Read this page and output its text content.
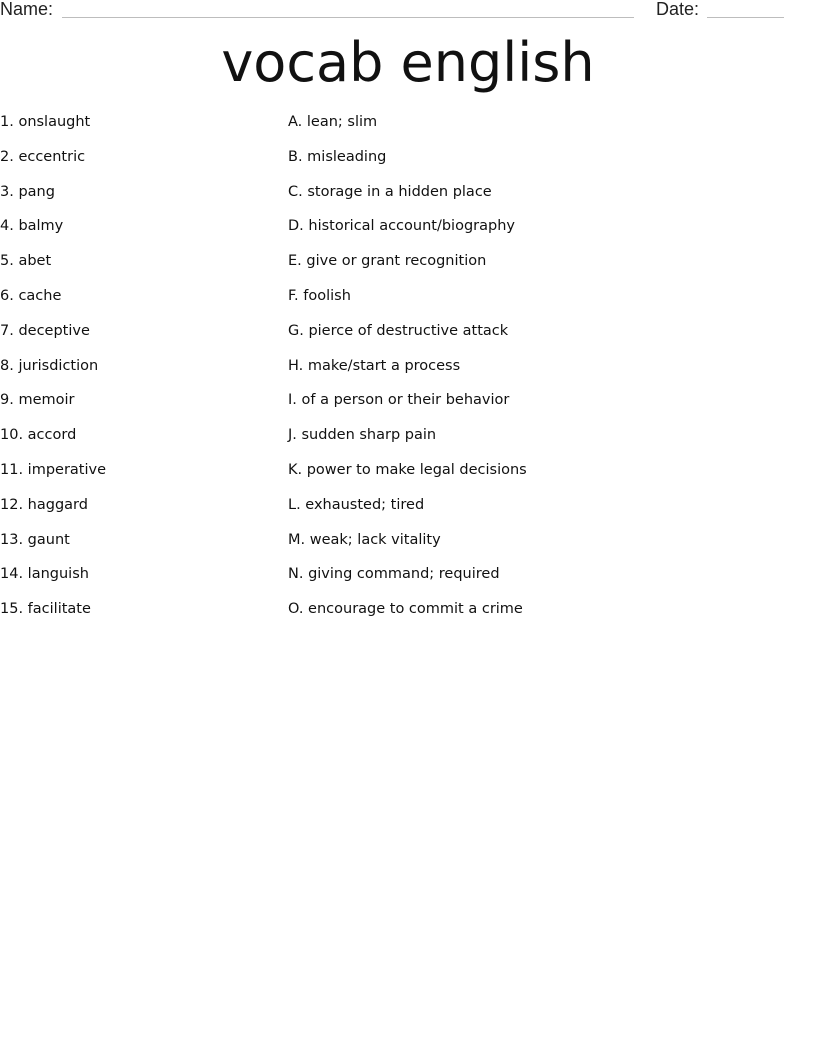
Name:	Date:
vocab english
1. onslaught
2. eccentric
3. pang
4. balmy
5. abet
6. cache
7. deceptive
8. jurisdiction
9. memoir
10. accord
11. imperative
12. haggard
13. gaunt
14. languish
15. facilitate
A. lean; slim
B. misleading
C. storage in a hidden place
D. historical account/biography
E. give or grant recognition
F. foolish
G. pierce of destructive attack
H. make/start a process
I. of a person or their behavior
J. sudden sharp pain
K. power to make legal decisions
L. exhausted; tired
M. weak; lack vitality
N. giving command; required
O. encourage to commit a crime
